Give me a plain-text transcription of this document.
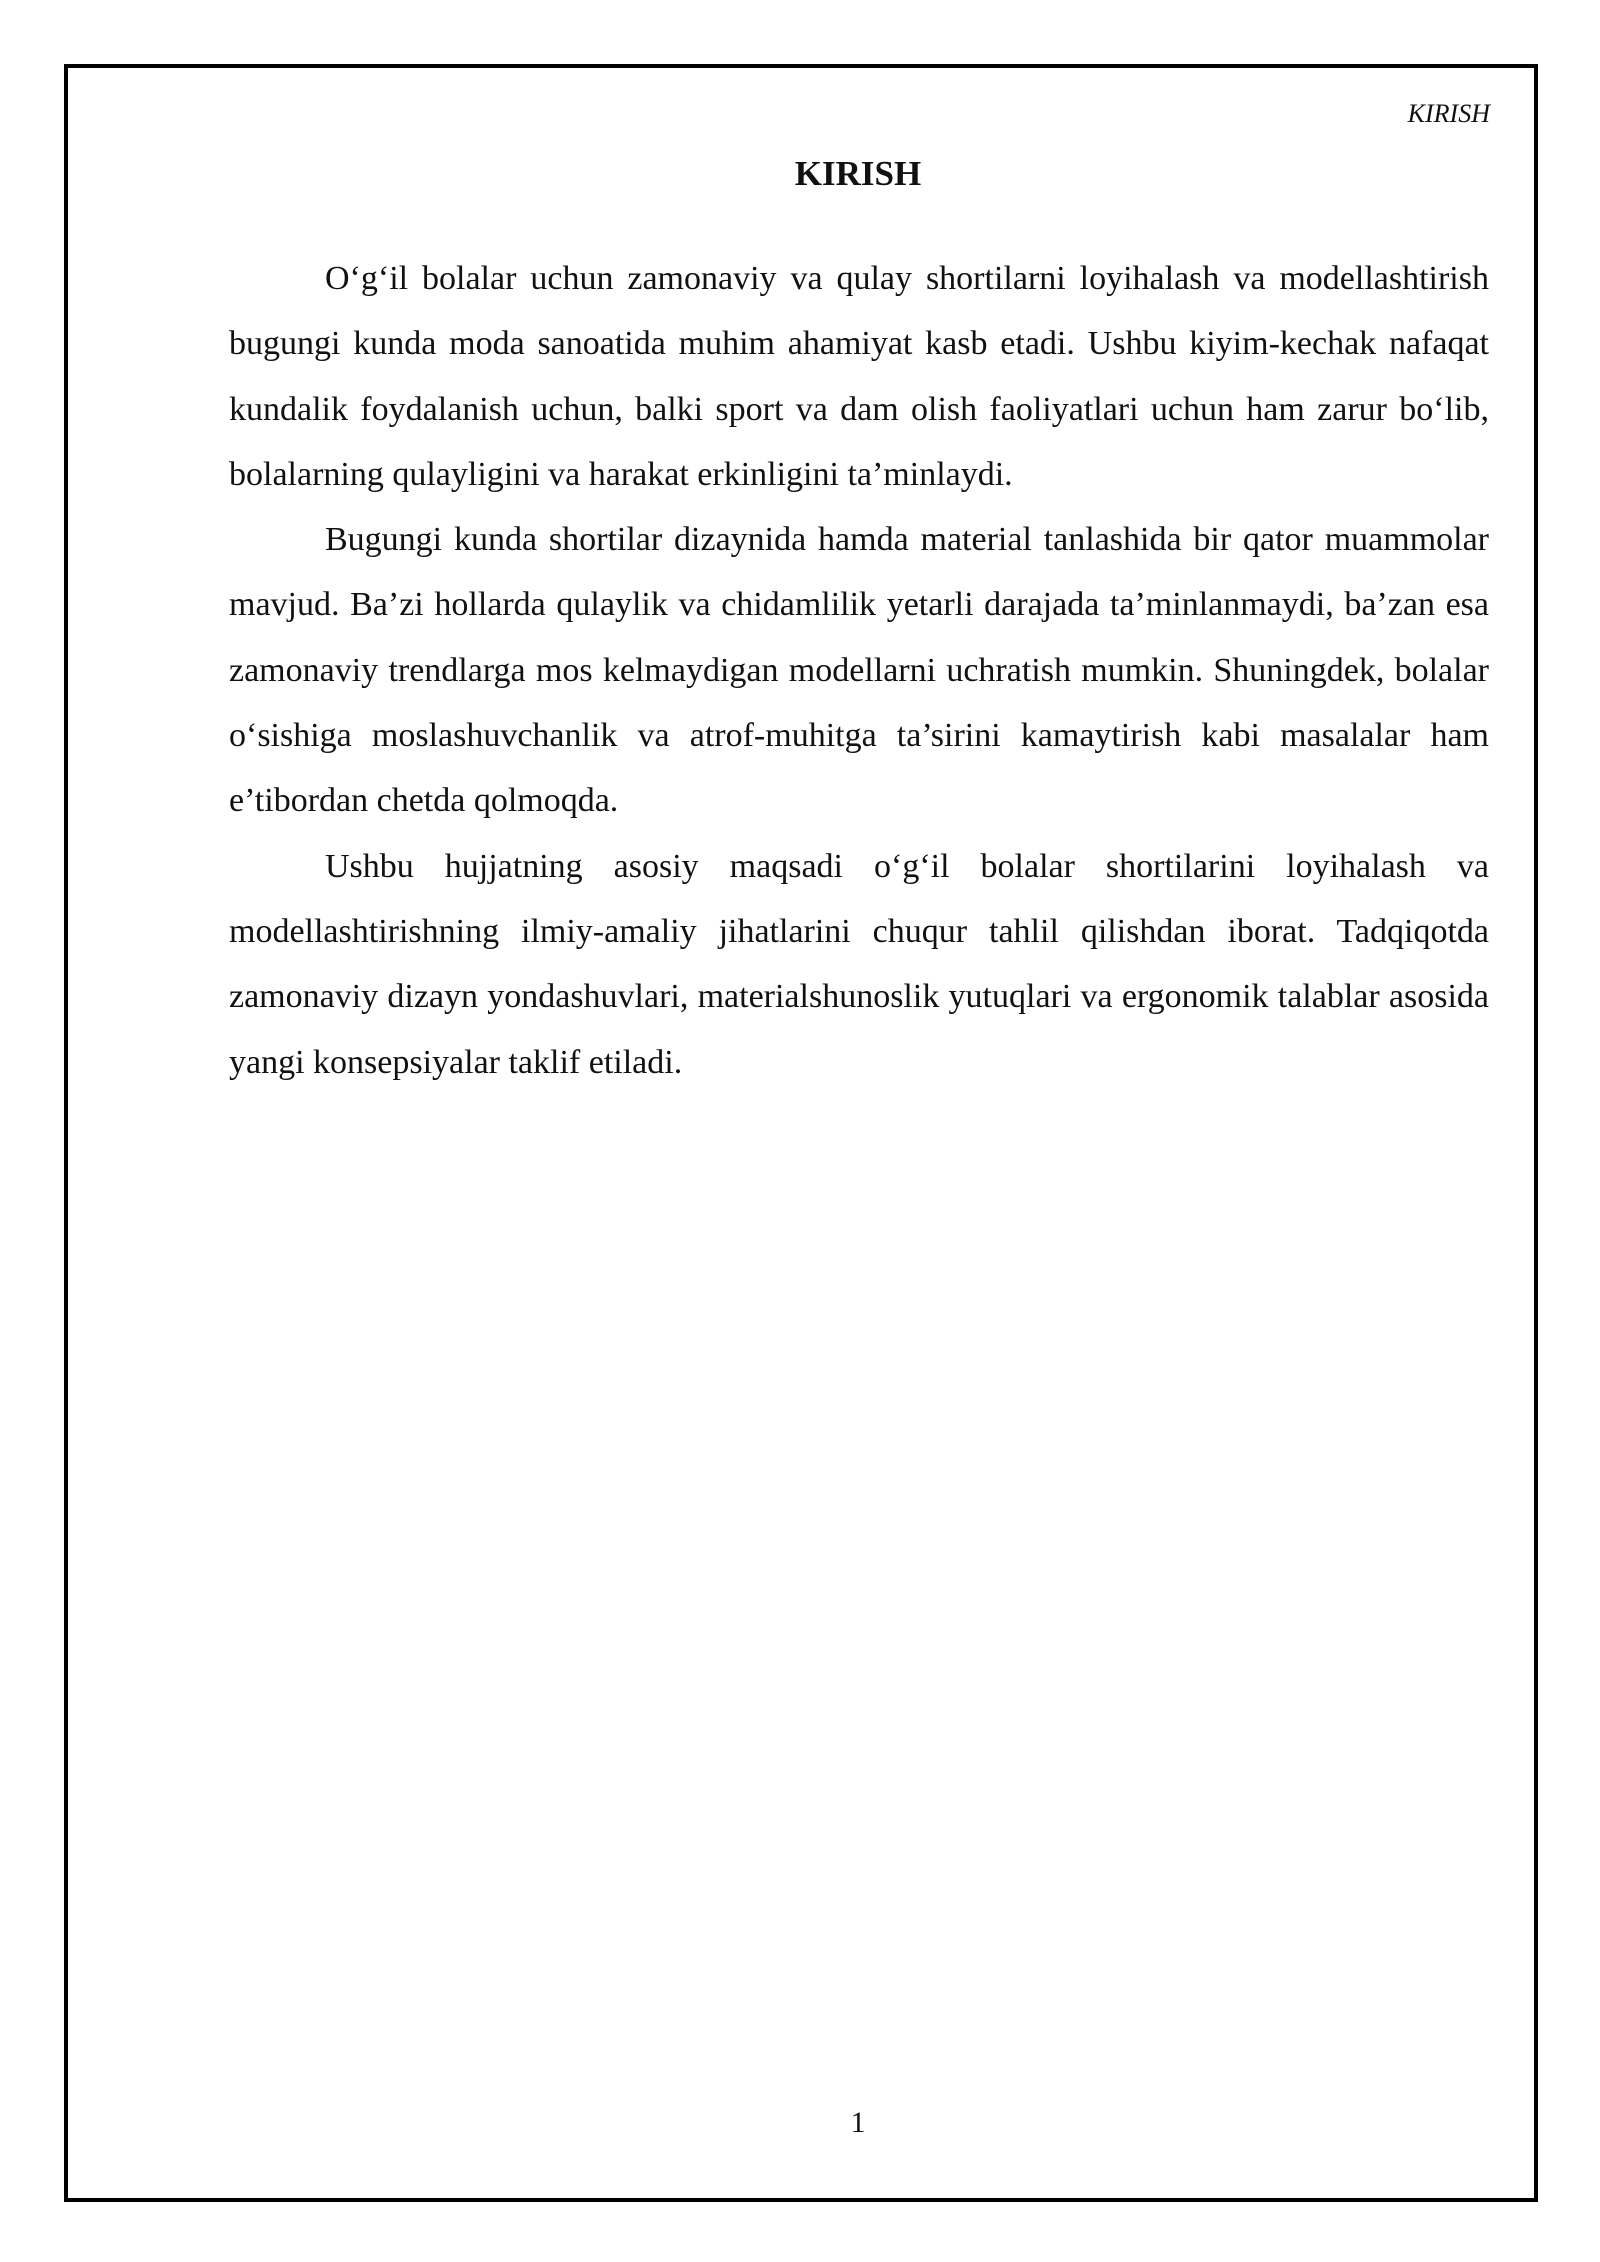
KIRISH
KIRISH

O‘g‘il bolalar uchun zamonaviy va qulay shortilarni loyihalash va modellashtirish bugungi kunda moda sanoatida muhim ahamiyat kasb etadi. Ushbu kiyim-kechak nafaqat kundalik foydalanish uchun, balki sport va dam olish faoliyatlari uchun ham zarur bo‘lib, bolalarning qulayligini va harakat erkinligini ta’minlaydi.

Bugungi kunda shortilar dizaynida hamda material tanlashida bir qator muammolar mavjud. Ba’zi hollarda qulaylik va chidamlilik yetarli darajada ta’minlanmaydi, ba’zan esa zamonaviy trendlarga mos kelmaydigan modellarni uchratish mumkin. Shuningdek, bolalar o‘sishiga moslashuvchanlik va atrof-muhitga ta’sirini kamaytirish kabi masalalar ham e’tibordan chetda qolmoqda.

Ushbu hujjatning asosiy maqsadi o‘g‘il bolalar shortilarini loyihalash va modellashtirishning ilmiy-amaliy jihatlarini chuqur tahlil qilishdan iborat. Tadqiqotda zamonaviy dizayn yondashuvlari, materialshunoslik yutuqlari va ergonomik talablar asosida yangi konsepsiyalar taklif etiladi.

1
